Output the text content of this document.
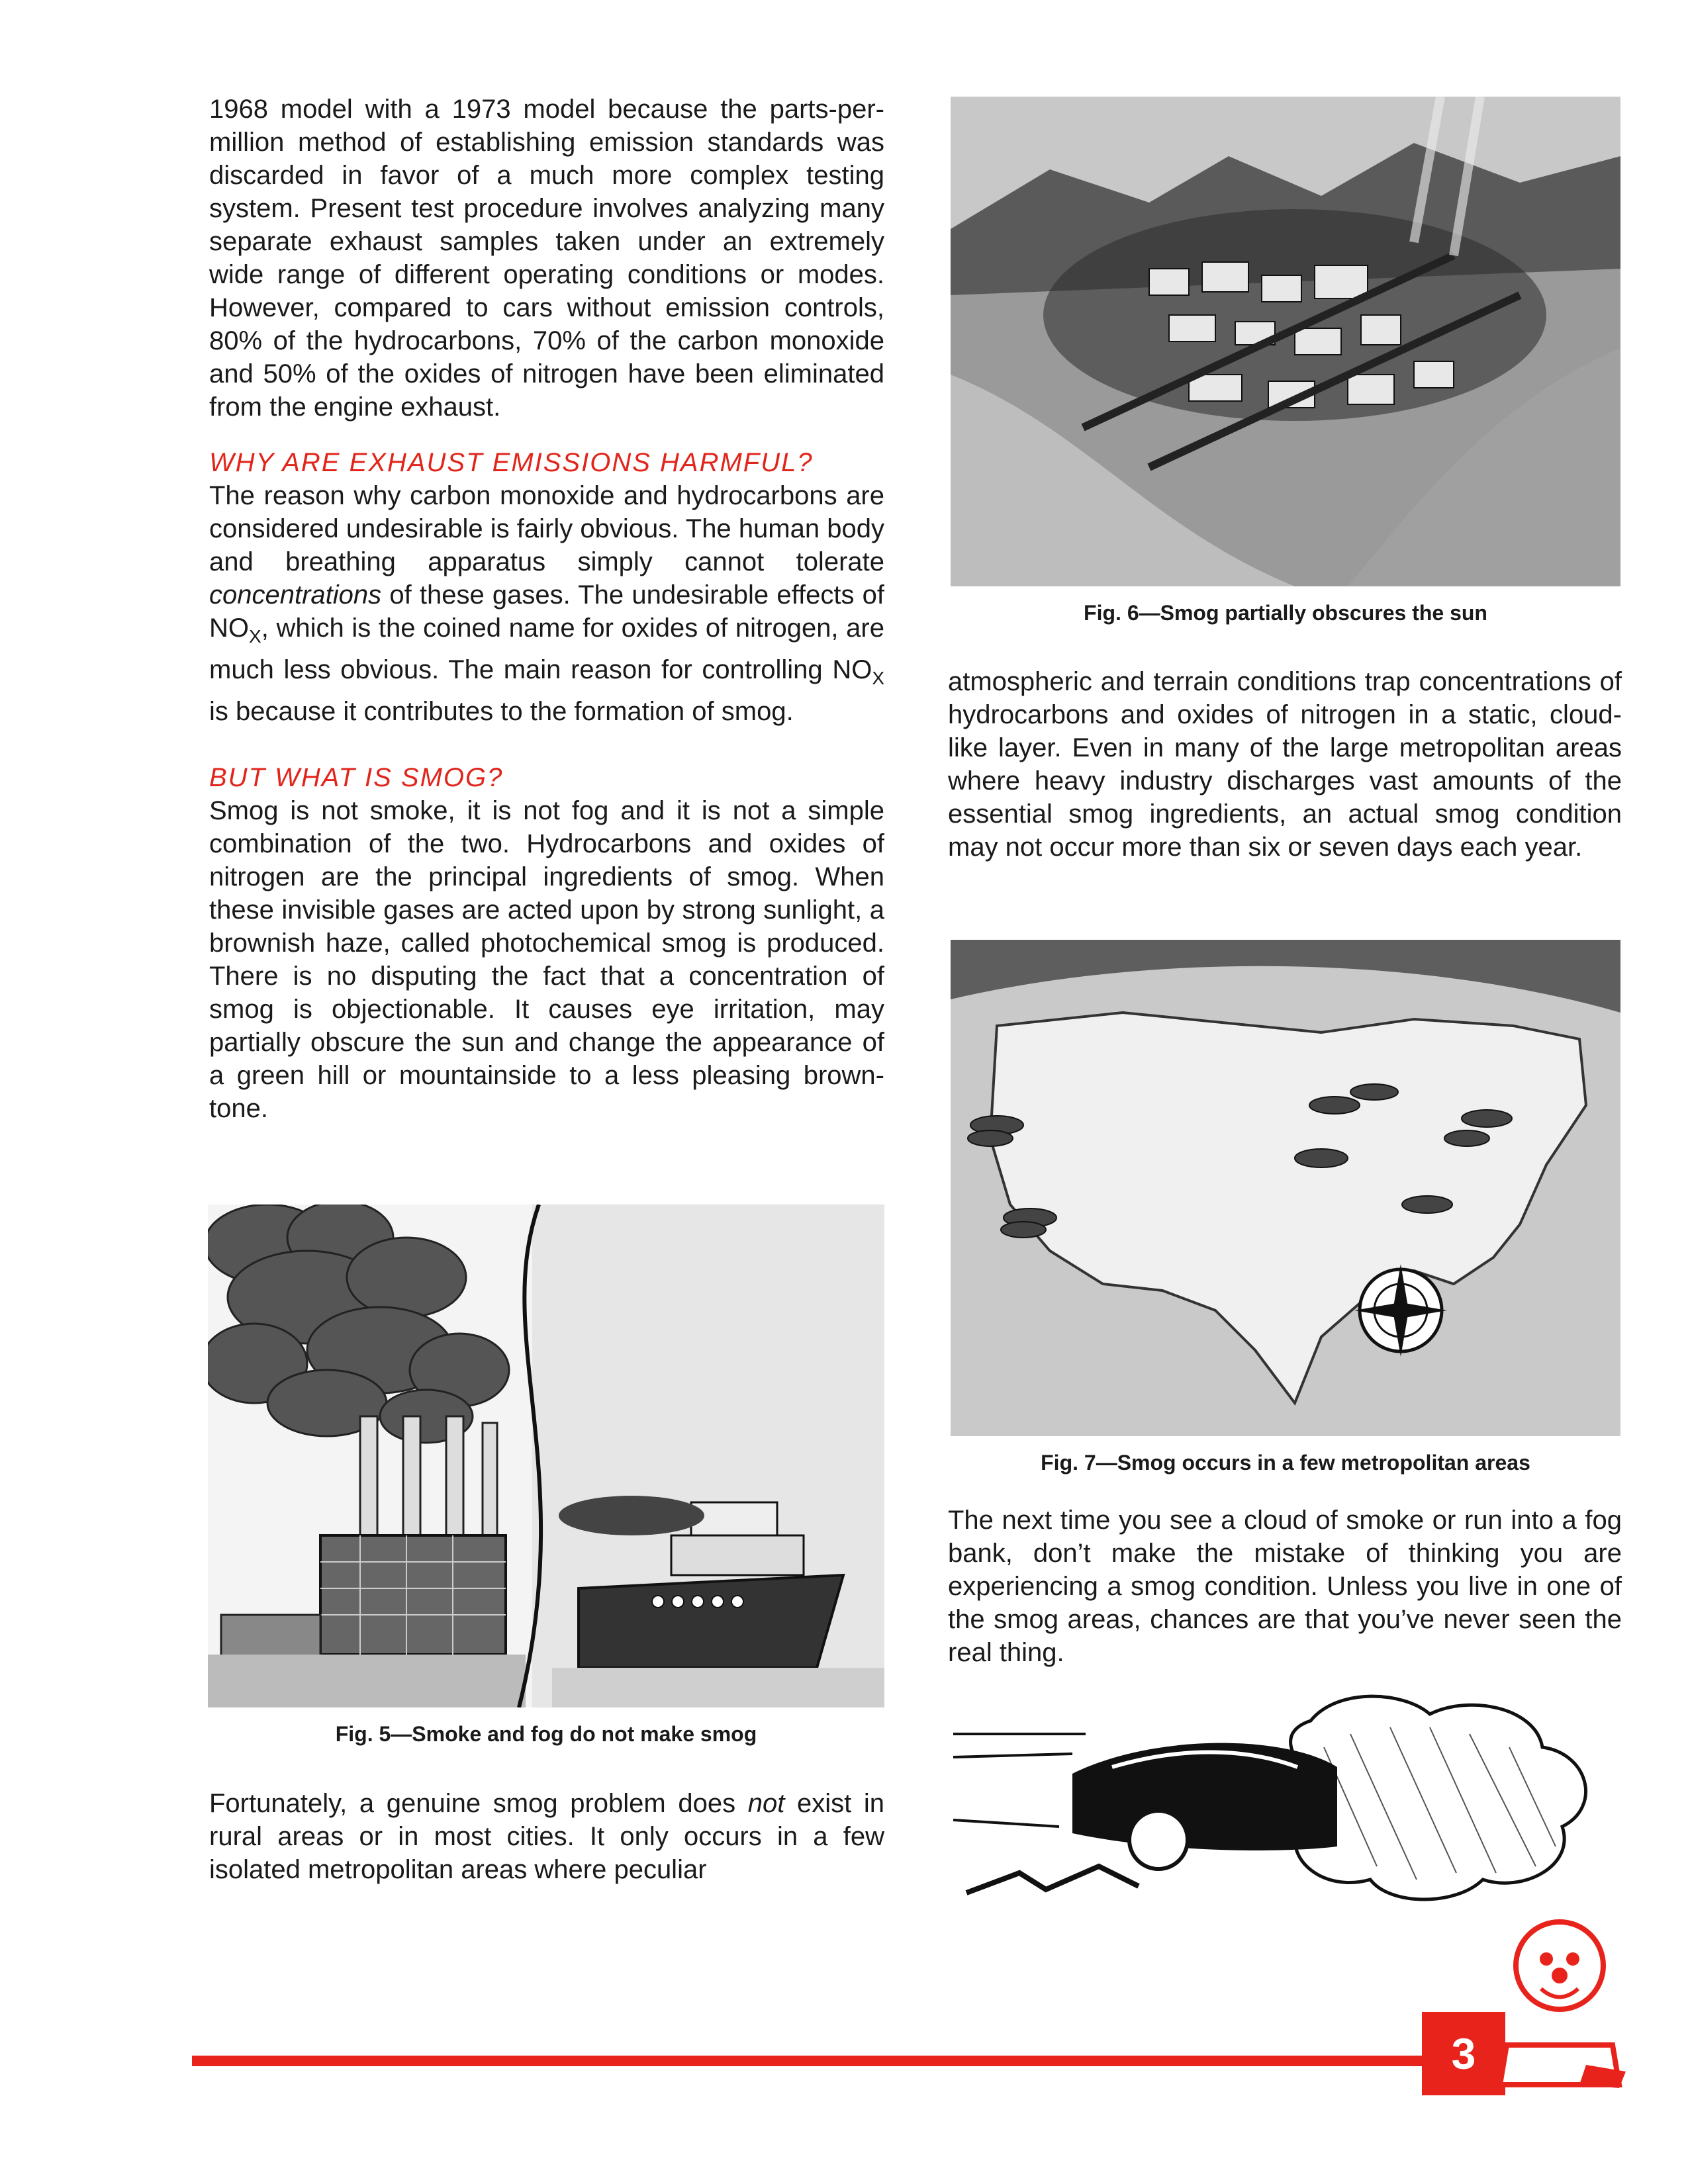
1968 model with a 1973 model because the parts-per-million method of establishing emission standards was discarded in favor of a much more complex testing system. Present test procedure involves analyzing many separate exhaust samples taken under an extremely wide range of different operating conditions or modes. However, compared to cars without emission controls, 80% of the hydrocarbons, 70% of the carbon monoxide and 50% of the oxides of nitrogen have been eliminated from the engine exhaust.

WHY ARE EXHAUST EMISSIONS HARMFUL?

The reason why carbon monoxide and hydrocarbons are considered undesirable is fairly obvious. The human body and breathing apparatus simply cannot tolerate concentrations of these gases. The undesirable effects of $NO_X$, which is the coined name for oxides of nitrogen, are much less obvious. The main reason for controlling $NO_X$ is because it contributes to the formation of smog.

BUT WHAT IS SMOG?

Smog is not smoke, it is not fog and it is not a simple combination of the two. Hydrocarbons and oxides of nitrogen are the principal ingredients of smog. When these invisible gases are acted upon by strong sunlight, a brownish haze, called photochemical smog is produced. There is no disputing the fact that a concentration of smog is objectionable. It causes eye irritation, may partially obscure the sun and change the appearance of a green hill or mountainside to a less pleasing brown-tone.

Fig. 5—Smoke and fog do not make smog

Fortunately, a genuine smog problem does not exist in rural areas or in most cities. It only occurs in a few isolated metropolitan areas where peculiar

Fig. 6—Smog partially obscures the sun

atmospheric and terrain conditions trap concentrations of hydrocarbons and oxides of nitrogen in a static, cloud-like layer. Even in many of the large metropolitan areas where heavy industry discharges vast amounts of the essential smog ingredients, an actual smog condition may not occur more than six or seven days each year.

Fig. 7—Smog occurs in a few metropolitan areas

The next time you see a cloud of smoke or run into a fog bank, don’t make the mistake of thinking you are experiencing a smog condition. Unless you live in one of the smog areas, chances are that you’ve never seen the real thing.

3
